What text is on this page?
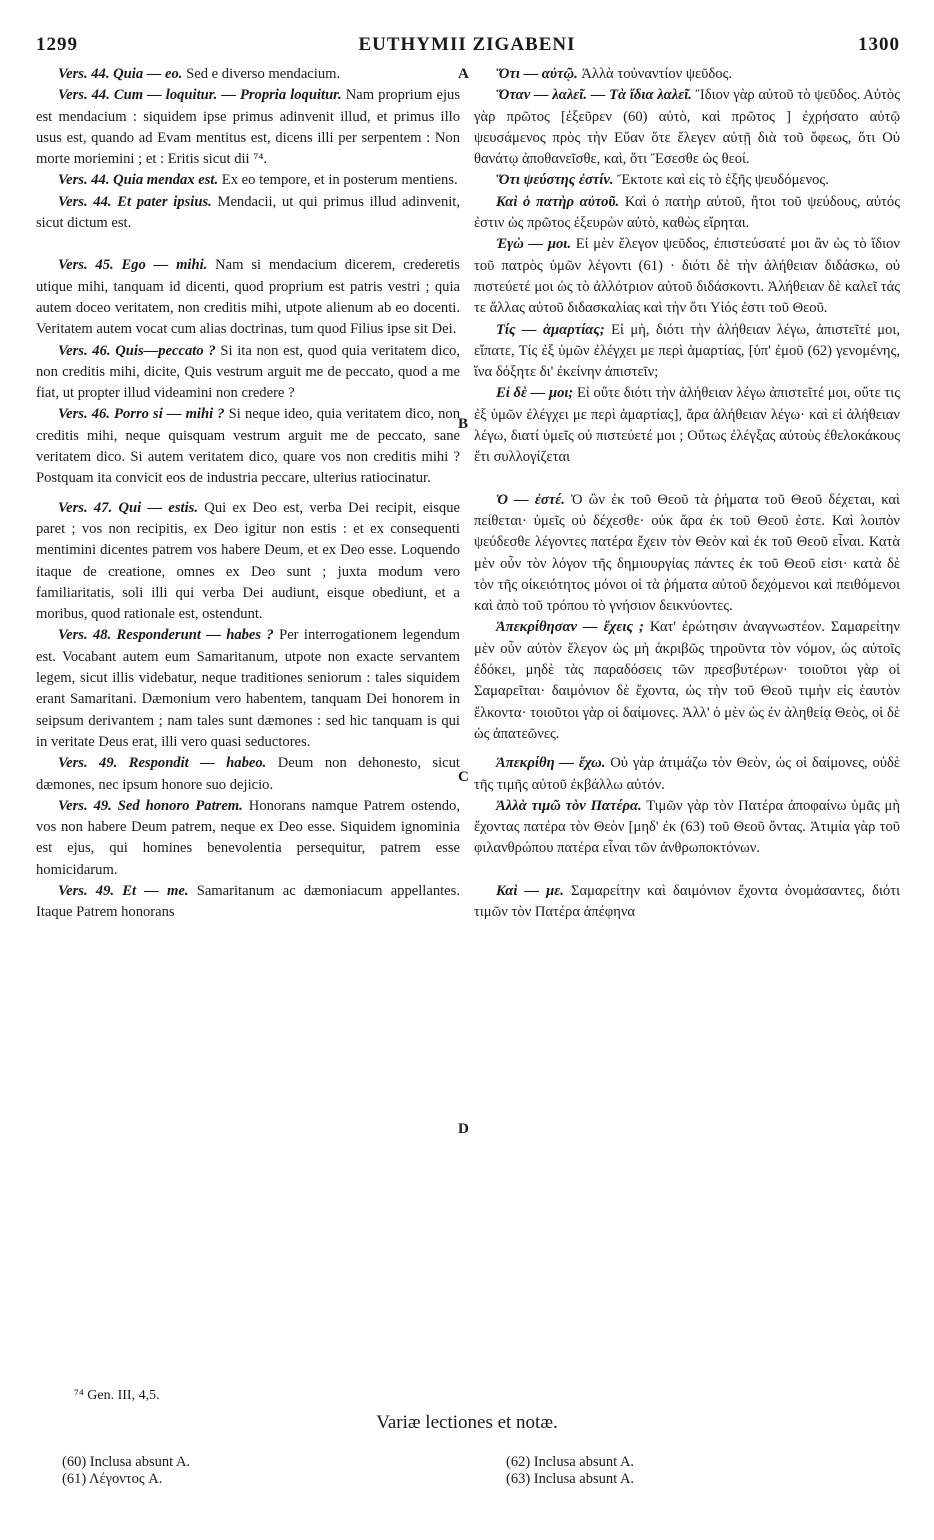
1299	EUTHYMII ZIGABENI	1300
A
B
C
D

Vers. 44. Quia — eo. Sed e diverso mendacium.

Vers. 44. Cum — loquitur. — Propria loquitur. Nam proprium ejus est mendacium : siquidem ipse primus adinvenit illud, et primus illo usus est, quando ad Evam mentitus est, dicens illi per serpentem : Non morte moriemini ; et : Eritis sicut dii ⁷⁴.

Vers. 44. Quia mendax est. Ex eo tempore, et in posterum mentiens.

Vers. 44. Et pater ipsius. Mendacii, ut qui primus illud adinvenit, sicut dictum est.

Vers. 45. Ego — mihi. Nam si mendacium dicerem, crederetis utique mihi, tanquam id dicenti, quod proprium est patris vestri ; quia autem doceo veritatem, non creditis mihi, utpote alienum ab eo docenti. Veritatem autem vocat cum alias doctrinas, tum quod Filius ipse sit Dei.

Vers. 46. Quis—peccato ? Si ita non est, quod quia veritatem dico, non creditis mihi, dicite, Quis vestrum arguit me de peccato, quod a me fiat, ut propter illud videamini non credere ?

Vers. 46. Porro si — mihi ? Si neque ideo, quia veritatem dico, non creditis mihi, neque quisquam vestrum arguit me de peccato, sane veritatem dico. Si autem veritatem dico, quare vos non creditis mihi ? Postquam ita convicit eos de industria peccare, ulterius ratiocinatur.

Vers. 47. Qui — estis. Qui ex Deo est, verba Dei recipit, eisque paret ; vos non recipitis, ex Deo igitur non estis : et ex consequenti mentimini dicentes patrem vos habere Deum, et ex Deo esse. Loquendo itaque de creatione, omnes ex Deo sunt ; juxta modum vero familiaritatis, soli illi qui verba Dei audiunt, eisque obediunt, et a moribus, quod rationale est, ostendunt.

Vers. 48. Responderunt — habes ? Per interrogationem legendum est. Vocabant autem eum Samaritanum, utpote non exacte servantem legem, sicut illis videbatur, neque traditiones seniorum : tales siquidem erant Samaritani. Dæmonium vero habentem, tanquam Dei honorem in seipsum derivantem ; nam tales sunt dæmones : sed hic tanquam is qui in veritate Deus erat, illi vero quasi seductores.

Vers. 49. Respondit — habeo. Deum non dehonesto, sicut dæmones, nec ipsum honore suo dejicio.

Vers. 49. Sed honoro Patrem. Honorans namque Patrem ostendo, vos non habere Deum patrem, neque ex Deo esse. Siquidem ignominia est ejus, qui homines benevolentia persequitur, patrem esse homicidarum.

Vers. 49. Et — me. Samaritanum ac dæmoniacum appellantes. Itaque Patrem honorans

Ὅτι — αὐτῷ. Ἀλλὰ τοὐναντίον ψεῦδος.

Ὅταν — λαλεῖ. — Τὰ ἴδια λαλεῖ. Ἴδιον γὰρ αὐτοῦ τὸ ψεῦδος. Αὐτὸς γὰρ πρῶτος [ἐξεῦρεν (60) αὐτὸ, καὶ πρῶτος ] ἐχρήσατο αὐτῷ ψευσάμενος πρὸς τὴν Εὔαν ὅτε ἔλεγεν αὐτῇ διὰ τοῦ ὄφεως, ὅτι Οὐ θανάτῳ ἀποθανεῖσθε, καὶ, ὅτι Ἔσεσθε ὡς θεοί.

Ὅτι ψεύστης ἐστίν. Ἔκτοτε καὶ εἰς τὸ ἑξῆς ψευδόμενος.

Καὶ ὁ πατὴρ αὐτοῦ. Καὶ ὁ πατὴρ αὐτοῦ, ἤτοι τοῦ ψεύδους, αὐτός ἐστιν ὡς πρῶτος ἐξευρὼν αὐτὸ, καθὼς εἴρηται.

Ἐγὼ — μοι. Εἰ μὲν ἔλεγον ψεῦδος, ἐπιστεύσατέ μοι ἂν ὡς τὸ ἴδιον τοῦ πατρὸς ὑμῶν λέγοντι (61) · διότι δὲ τὴν ἀλήθειαν διδάσκω, οὐ πιστεύετέ μοι ὡς τὸ ἀλλότριον αὐτοῦ διδάσκοντι. Ἀλήθειαν δὲ καλεῖ τάς τε ἄλλας αὐτοῦ διδασκαλίας καὶ τὴν ὅτι Υἱός ἐστι τοῦ Θεοῦ.

Τίς — ἁμαρτίας; Εἰ μὴ, διότι τὴν ἀλήθειαν λέγω, ἀπιστεῖτέ μοι, εἴπατε, Τίς ἐξ ὑμῶν ἐλέγχει με περὶ ἁμαρτίας, [ὑπ' ἐμοῦ (62) γενομένης, ἵνα δόξητε δι' ἐκείνην ἀπιστεῖν;

Εἰ δὲ — μοι; Εἰ οὔτε διότι τὴν ἀλήθειαν λέγω ἀπιστεῖτέ μοι, οὔτε τις ἐξ ὑμῶν ἐλέγχει με περὶ ἁμαρτίας], ἄρα ἀλήθειαν λέγω· καὶ εἰ ἀλήθειαν λέγω, διατί ὑμεῖς οὐ πιστεύετέ μοι ; Οὕτως ἐλέγξας αὐτοὺς ἐθελοκάκους ἔτι συλλογίζεται

Ὁ — ἐστέ. Ὁ ὢν ἐκ τοῦ Θεοῦ τὰ ῥήματα τοῦ Θεοῦ δέχεται, καὶ πείθεται· ὑμεῖς οὐ δέχεσθε· οὐκ ἄρα ἐκ τοῦ Θεοῦ ἐστε. Καὶ λοιπὸν ψεύδεσθε λέγοντες πατέρα ἔχειν τὸν Θεὸν καὶ ἐκ τοῦ Θεοῦ εἶναι. Κατὰ μὲν οὖν τὸν λόγον τῆς δημιουργίας πάντες ἐκ τοῦ Θεοῦ εἰσι· κατὰ δὲ τὸν τῆς οἰκειότητος μόνοι οἱ τὰ ῥήματα αὐτοῦ δεχόμενοι καὶ πειθόμενοι καὶ ἀπὸ τοῦ τρόπου τὸ γνήσιον δεικνύοντες.

Ἀπεκρίθησαν — ἔχεις ; Κατ' ἐρώτησιν ἀναγνωστέον. Σαμαρείτην μὲν οὖν αὐτὸν ἔλεγον ὡς μὴ ἀκριβῶς τηροῦντα τὸν νόμον, ὡς αὐτοῖς ἐδόκει, μηδὲ τὰς παραδόσεις τῶν πρεσβυτέρων· τοιοῦτοι γὰρ οἱ Σαμαρεῖται· δαιμόνιον δὲ ἔχοντα, ὡς τὴν τοῦ Θεοῦ τιμὴν εἰς ἑαυτὸν ἕλκοντα· τοιοῦτοι γὰρ οἱ δαίμονες. Ἀλλ' ὁ μὲν ὡς ἐν ἀληθείᾳ Θεὸς, οἱ δὲ ὡς ἀπατεῶνες.

Ἀπεκρίθη — ἔχω. Οὐ γὰρ ἀτιμάζω τὸν Θεὸν, ὡς οἱ δαίμονες, οὐδὲ τῆς τιμῆς αὐτοῦ ἐκβάλλω αὐτόν.

Ἀλλὰ τιμῶ τὸν Πατέρα. Τιμῶν γὰρ τὸν Πατέρα ἀποφαίνω ὑμᾶς μὴ ἔχοντας πατέρα τὸν Θεὸν [μηδ' ἐκ (63) τοῦ Θεοῦ ὄντας. Ἀτιμία γὰρ τοῦ φιλανθρώπου πατέρα εἶναι τῶν ἀνθρωποκτόνων.

Καὶ — με. Σαμαρείτην καὶ δαιμόνιον ἔχοντα ὀνομάσαντες, διότι τιμῶν τὸν Πατέρα ἀπέφηνα

⁷⁴ Gen. III, 4,5.
Variæ lectiones et notæ.
(60) Inclusa absunt A.
(61) Λέγοντος A.
(62) Inclusa absunt A.
(63) Inclusa absunt A.
